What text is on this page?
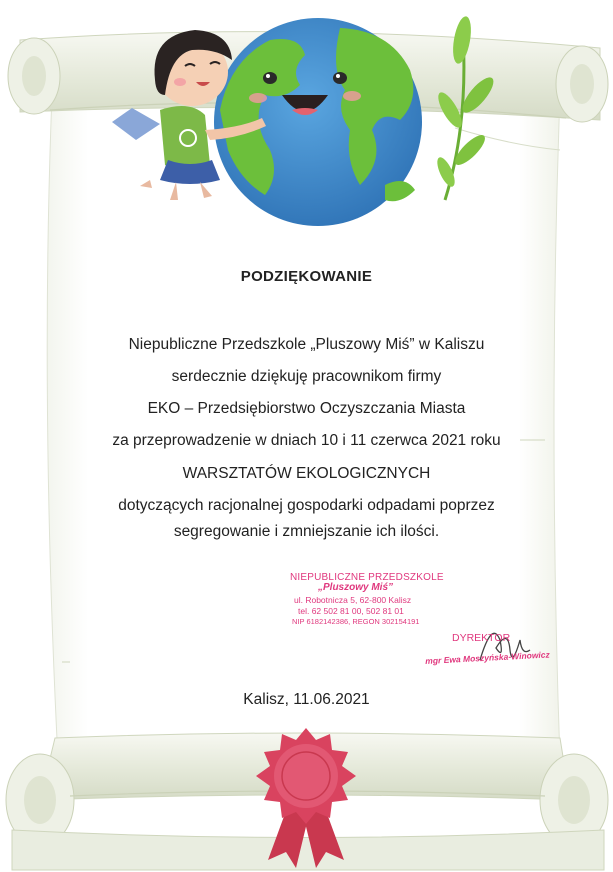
PODZIĘKOWANIE
Niepubliczne Przedszkole „Pluszowy Miś” w Kaliszu
serdecznie dziękuję pracownikom firmy
EKO – Przedsiębiorstwo Oczyszczania Miasta
za przeprowadzenie w dniach 10 i 11 czerwca 2021 roku
WARSZTATÓW EKOLOGICZNYCH
dotyczących racjonalnej gospodarki odpadami poprzez
segregowanie i zmniejszanie ich ilości.
NIEPUBLICZNE PRZEDSZKOLE
„Pluszowy Miś”
ul. Robotnicza 5, 62-800 Kalisz
tel. 62 502 81 00, 502 81 01
NIP 6182142386, REGON 302154191
DYREKTOR
mgr Ewa Moszyńska-Winowicz
Kalisz, 11.06.2021
